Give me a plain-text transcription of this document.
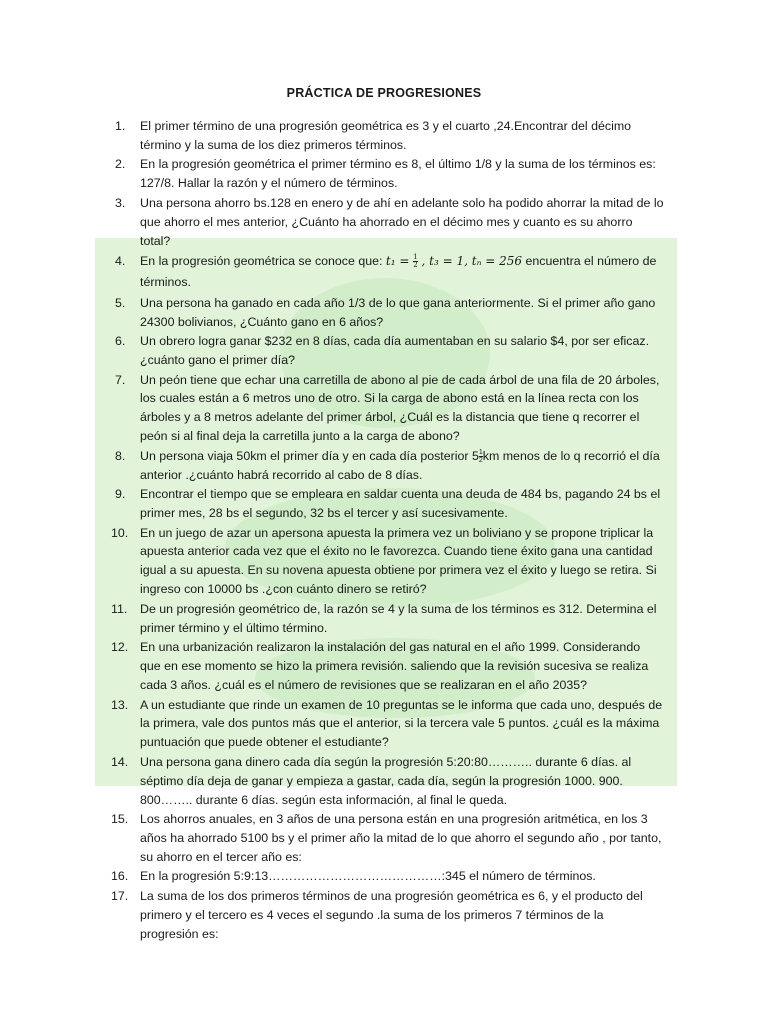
PRÁCTICA DE PROGRESIONES
1.	El primer término de una progresión geométrica es 3 y el cuarto ,24.Encontrar del décimo término y la suma de los diez primeros términos.
2.	En la progresión geométrica el primer término es 8, el último 1/8 y la suma de los términos es: 127/8. Hallar la razón y el número de términos.
3.	Una persona ahorro bs.128 en enero y de ahí en adelante solo ha podido ahorrar la mitad de lo que ahorro el mes anterior, ¿Cuánto ha ahorrado en el décimo mes y cuanto es su ahorro total?
4.	En la progresión geométrica se conoce que: $t_1 = \frac{1}{2}$ , t₃ = 1, tₙ = 256 encuentra el número de términos.
5.	Una persona ha ganado en cada año 1/3 de lo que gana anteriormente. Si el primer año gano 24300 bolivianos, ¿Cuánto gano en 6 años?
6.	Un obrero logra ganar $232 en 8 días, cada día aumentaban en su salario $4, por ser eficaz. ¿cuánto gano el primer día?
7.	Un peón tiene que echar una carretilla de abono al pie de cada árbol de una fila de 20 árboles, los cuales están a 6 metros uno de otro. Si la carga de abono está en la línea recta con los árboles y a 8 metros adelante del primer árbol, ¿Cuál es la distancia que tiene q recorrer el peón si al final deja la carretilla junto a la carga de abono?
8.	Un persona viaja 50km el primer día y en cada día posterior $5 \frac{1}{2}$ km menos de lo q recorrió el día anterior .¿cuánto habrá recorrido al cabo de 8 días.
9.	Encontrar el tiempo que se empleara en saldar cuenta una deuda de 484 bs, pagando 24 bs el primer mes, 28 bs el segundo, 32 bs el tercer y así sucesivamente.
10. En un juego de azar un apersona apuesta la primera vez un boliviano y se propone triplicar la apuesta anterior cada vez que el éxito no le favorezca. Cuando tiene éxito gana una cantidad igual a su apuesta. En su novena apuesta obtiene por primera vez el éxito y luego se retira. Si ingreso con 10000 bs .¿con cuánto dinero se retiró?
11.	De un progresión geométrico de, la razón se 4 y la suma de los términos es 312. Determina el primer término y el último término.
12. En una urbanización realizaron la instalación del gas natural en el año 1999. Considerando que en ese momento se hizo la primera revisión. saliendo que la revisión sucesiva se realiza cada 3 años. ¿cuál es el número de revisiones que se realizaran en el año 2035?
13. A un estudiante que rinde un examen de 10 preguntas se le informa que cada uno, después de la primera, vale dos puntos más que el anterior, si la tercera vale 5 puntos. ¿cuál es la máxima puntuación que puede obtener el estudiante?
14. Una persona gana dinero cada día según la progresión 5:20:80……….. durante 6 días. al séptimo día deja de ganar y empieza a gastar, cada día, según la progresión 1000. 900. 800…….. durante 6 días. según esta información, al final le queda.
15. Los ahorros anuales, en 3 años de una persona están en una progresión aritmética, en los 3 años ha ahorrado 5100 bs y el primer año la mitad de lo que ahorro el segundo año , por tanto, su ahorro en el tercer año es:
16. En la progresión 5:9:13……………………………………:345 el número de términos.
17. La suma de los dos primeros términos de una progresión geométrica es 6, y el producto del primero y el tercero es 4 veces el segundo .la suma de los primeros 7 términos de la progresión es:
